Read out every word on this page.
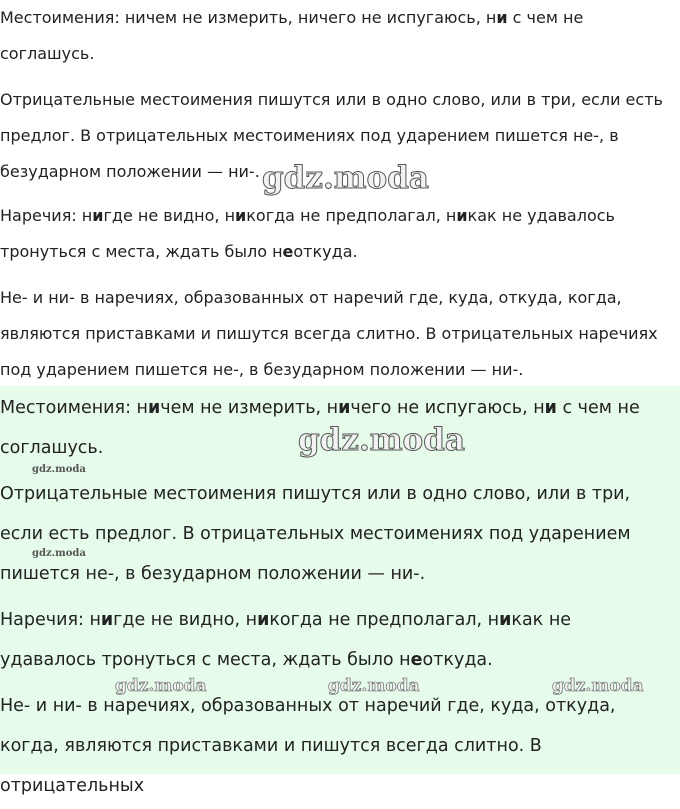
Местоимения: ничем не измерить, ничего не испугаюсь, ни с чем не соглашусь.

Отрицательные местоимения пишутся или в одно слово, или в три, если есть предлог. В отрицательных местоимениях под ударением пишется не-, в безударном положении — ни-.

Наречия: нигде не видно, никогда не предполагал, никак не удавалось тронуться с места, ждать было неоткуда.

Не- и ни- в наречиях, образованных от наречий где, куда, откуда, когда, являются приставками и пишутся всегда слитно. В отрицательных наречиях под ударением пишется не-, в безударном положении — ни-.

gdz.moda

Местоимения: ничем не измерить, ничего не испугаюсь, ни с чем не соглашусь.

Отрицательные местоимения пишутся или в одно слово, или в три, если есть предлог. В отрицательных местоимениях под ударением пишется не-, в безударном положении — ни-.

Наречия: нигде не видно, никогда не предполагал, никак не удавалось тронуться с места, ждать было неоткуда.

Не- и ни- в наречиях, образованных от наречий где, куда, откуда, когда, являются приставками и пишутся всегда слитно. В отрицательных

gdz.moda
gdz.moda
gdz.moda
gdz.moda	gdz.moda	gdz.moda
